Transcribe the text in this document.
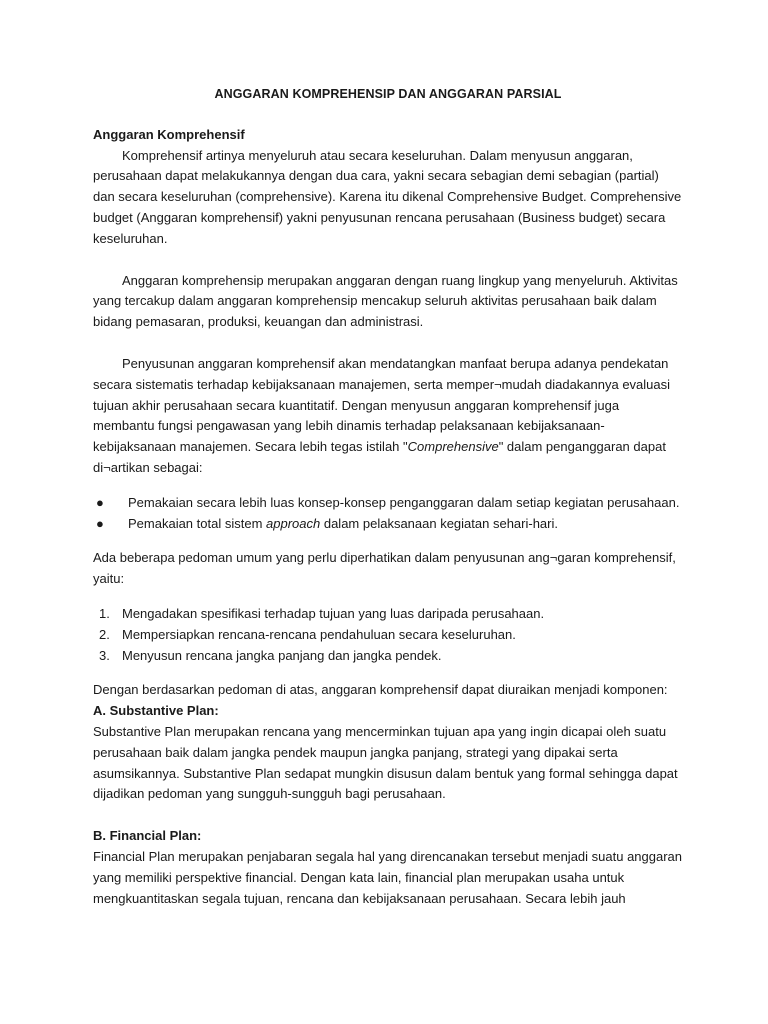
ANGGARAN KOMPREHENSIP DAN ANGGARAN PARSIAL
Anggaran Komprehensif

Komprehensif artinya menyeluruh atau secara keseluruhan. Dalam menyusun anggaran, perusahaan dapat melakukannya dengan dua cara, yakni secara sebagian demi sebagian (partial) dan secara keseluruhan (comprehensive). Karena itu dikenal Comprehensive Budget. Comprehensive budget (Anggaran komprehensif) yakni penyusunan rencana perusahaan (Business budget) secara keseluruhan.

Anggaran komprehensip merupakan anggaran dengan ruang lingkup yang menyeluruh. Aktivitas yang tercakup dalam anggaran komprehensip mencakup seluruh aktivitas perusahaan baik dalam bidang pemasaran, produksi, keuangan dan administrasi.

Penyusunan anggaran komprehensif akan mendatangkan manfaat berupa adanya pendekatan secara sistematis terhadap kebijaksanaan manajemen, serta memper¬mudah diadakannya evaluasi tujuan akhir perusahaan secara kuantitatif. Dengan menyusun anggaran komprehensif juga membantu fungsi pengawasan yang lebih dinamis terhadap pelaksanaan kebijaksanaan-kebijaksanaan manajemen. Secara lebih tegas istilah "Comprehensive" dalam penganggaran dapat di¬artikan sebagai:

● Pemakaian secara lebih luas konsep-konsep penganggaran dalam setiap kegiatan perusahaan.
● Pemakaian total sistem approach dalam pelaksanaan kegiatan sehari-hari.

Ada beberapa pedoman umum yang perlu diperhatikan dalam penyusunan ang¬garan komprehensif, yaitu:

1. Mengadakan spesifikasi terhadap tujuan yang luas daripada perusahaan.
2. Mempersiapkan rencana-rencana pendahuluan secara keseluruhan.
3. Menyusun rencana jangka panjang dan jangka pendek.

Dengan berdasarkan pedoman di atas, anggaran komprehensif dapat diuraikan menjadi komponen:

A. Substantive Plan:

Substantive Plan merupakan rencana yang mencerminkan tujuan apa yang ingin dicapai oleh suatu perusahaan baik dalam jangka pendek maupun jangka panjang, strategi yang dipakai serta asumsikannya. Substantive Plan sedapat mungkin disusun dalam bentuk yang formal sehingga dapat dijadikan pedoman yang sungguh-sungguh bagi perusahaan.

B. Financial Plan:

Financial Plan merupakan penjabaran segala hal yang direncanakan tersebut menjadi suatu anggaran yang memiliki perspektive financial. Dengan kata lain, financial plan merupakan usaha untuk mengkuantitaskan segala tujuan, rencana dan kebijaksanaan perusahaan. Secara lebih jauh
